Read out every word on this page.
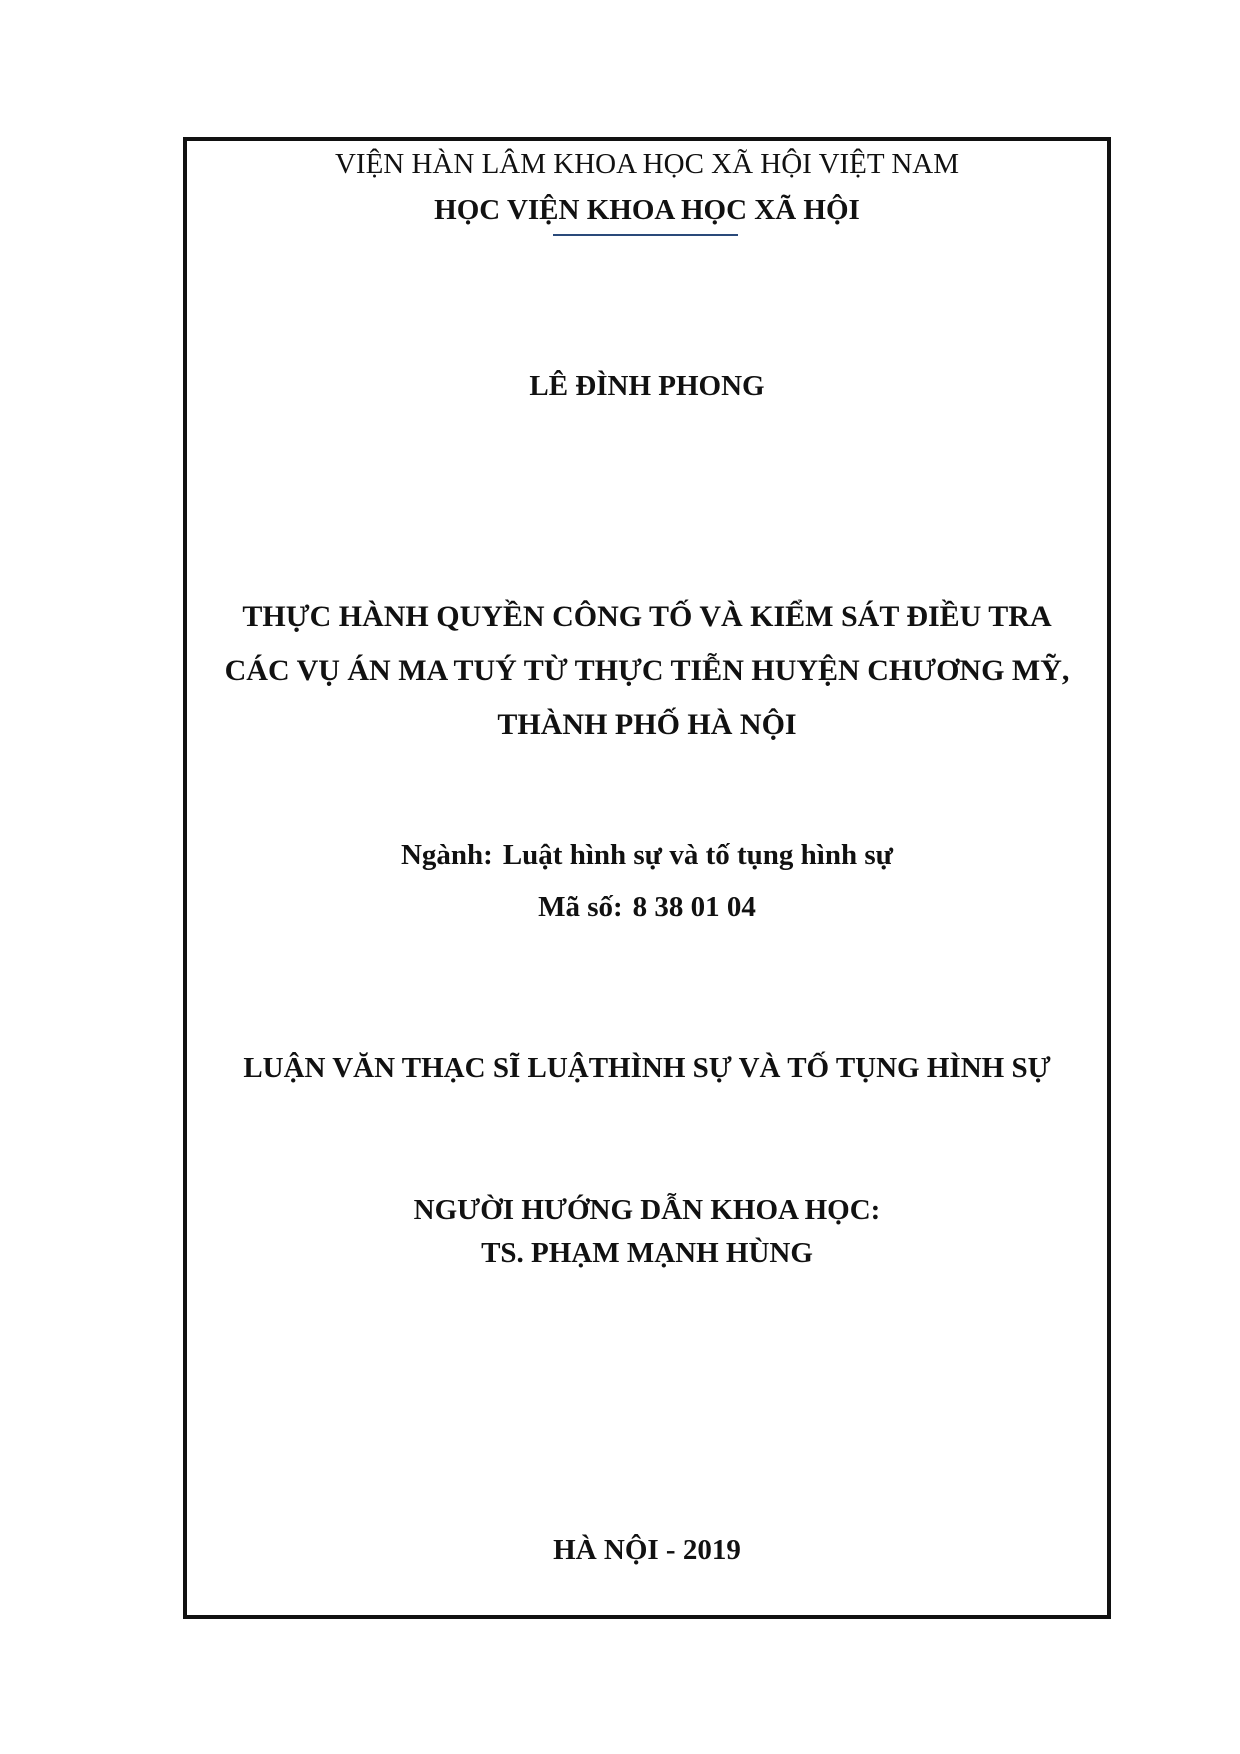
VIỆN HÀN LÂM KHOA HỌC XÃ HỘI VIỆT NAM
HỌC VIỆN KHOA HỌC XÃ HỘI
LÊ ĐÌNH PHONG
THỰC HÀNH QUYỀN CÔNG TỐ VÀ KIỂM SÁT ĐIỀU TRA
CÁC VỤ ÁN MA TUÝ TỪ THỰC TIỄN HUYỆN CHƯƠNG MỸ,
THÀNH PHỐ HÀ NỘI
Ngành: Luật hình sự và tố tụng hình sự
Mã số: 8 38 01 04
LUẬN VĂN THẠC SĨ LUẬTHÌNH SỰ VÀ TỐ TỤNG HÌNH SỰ
NGƯỜI HƯỚNG DẪN KHOA HỌC:
TS. PHẠM MẠNH HÙNG
HÀ NỘI - 2019
